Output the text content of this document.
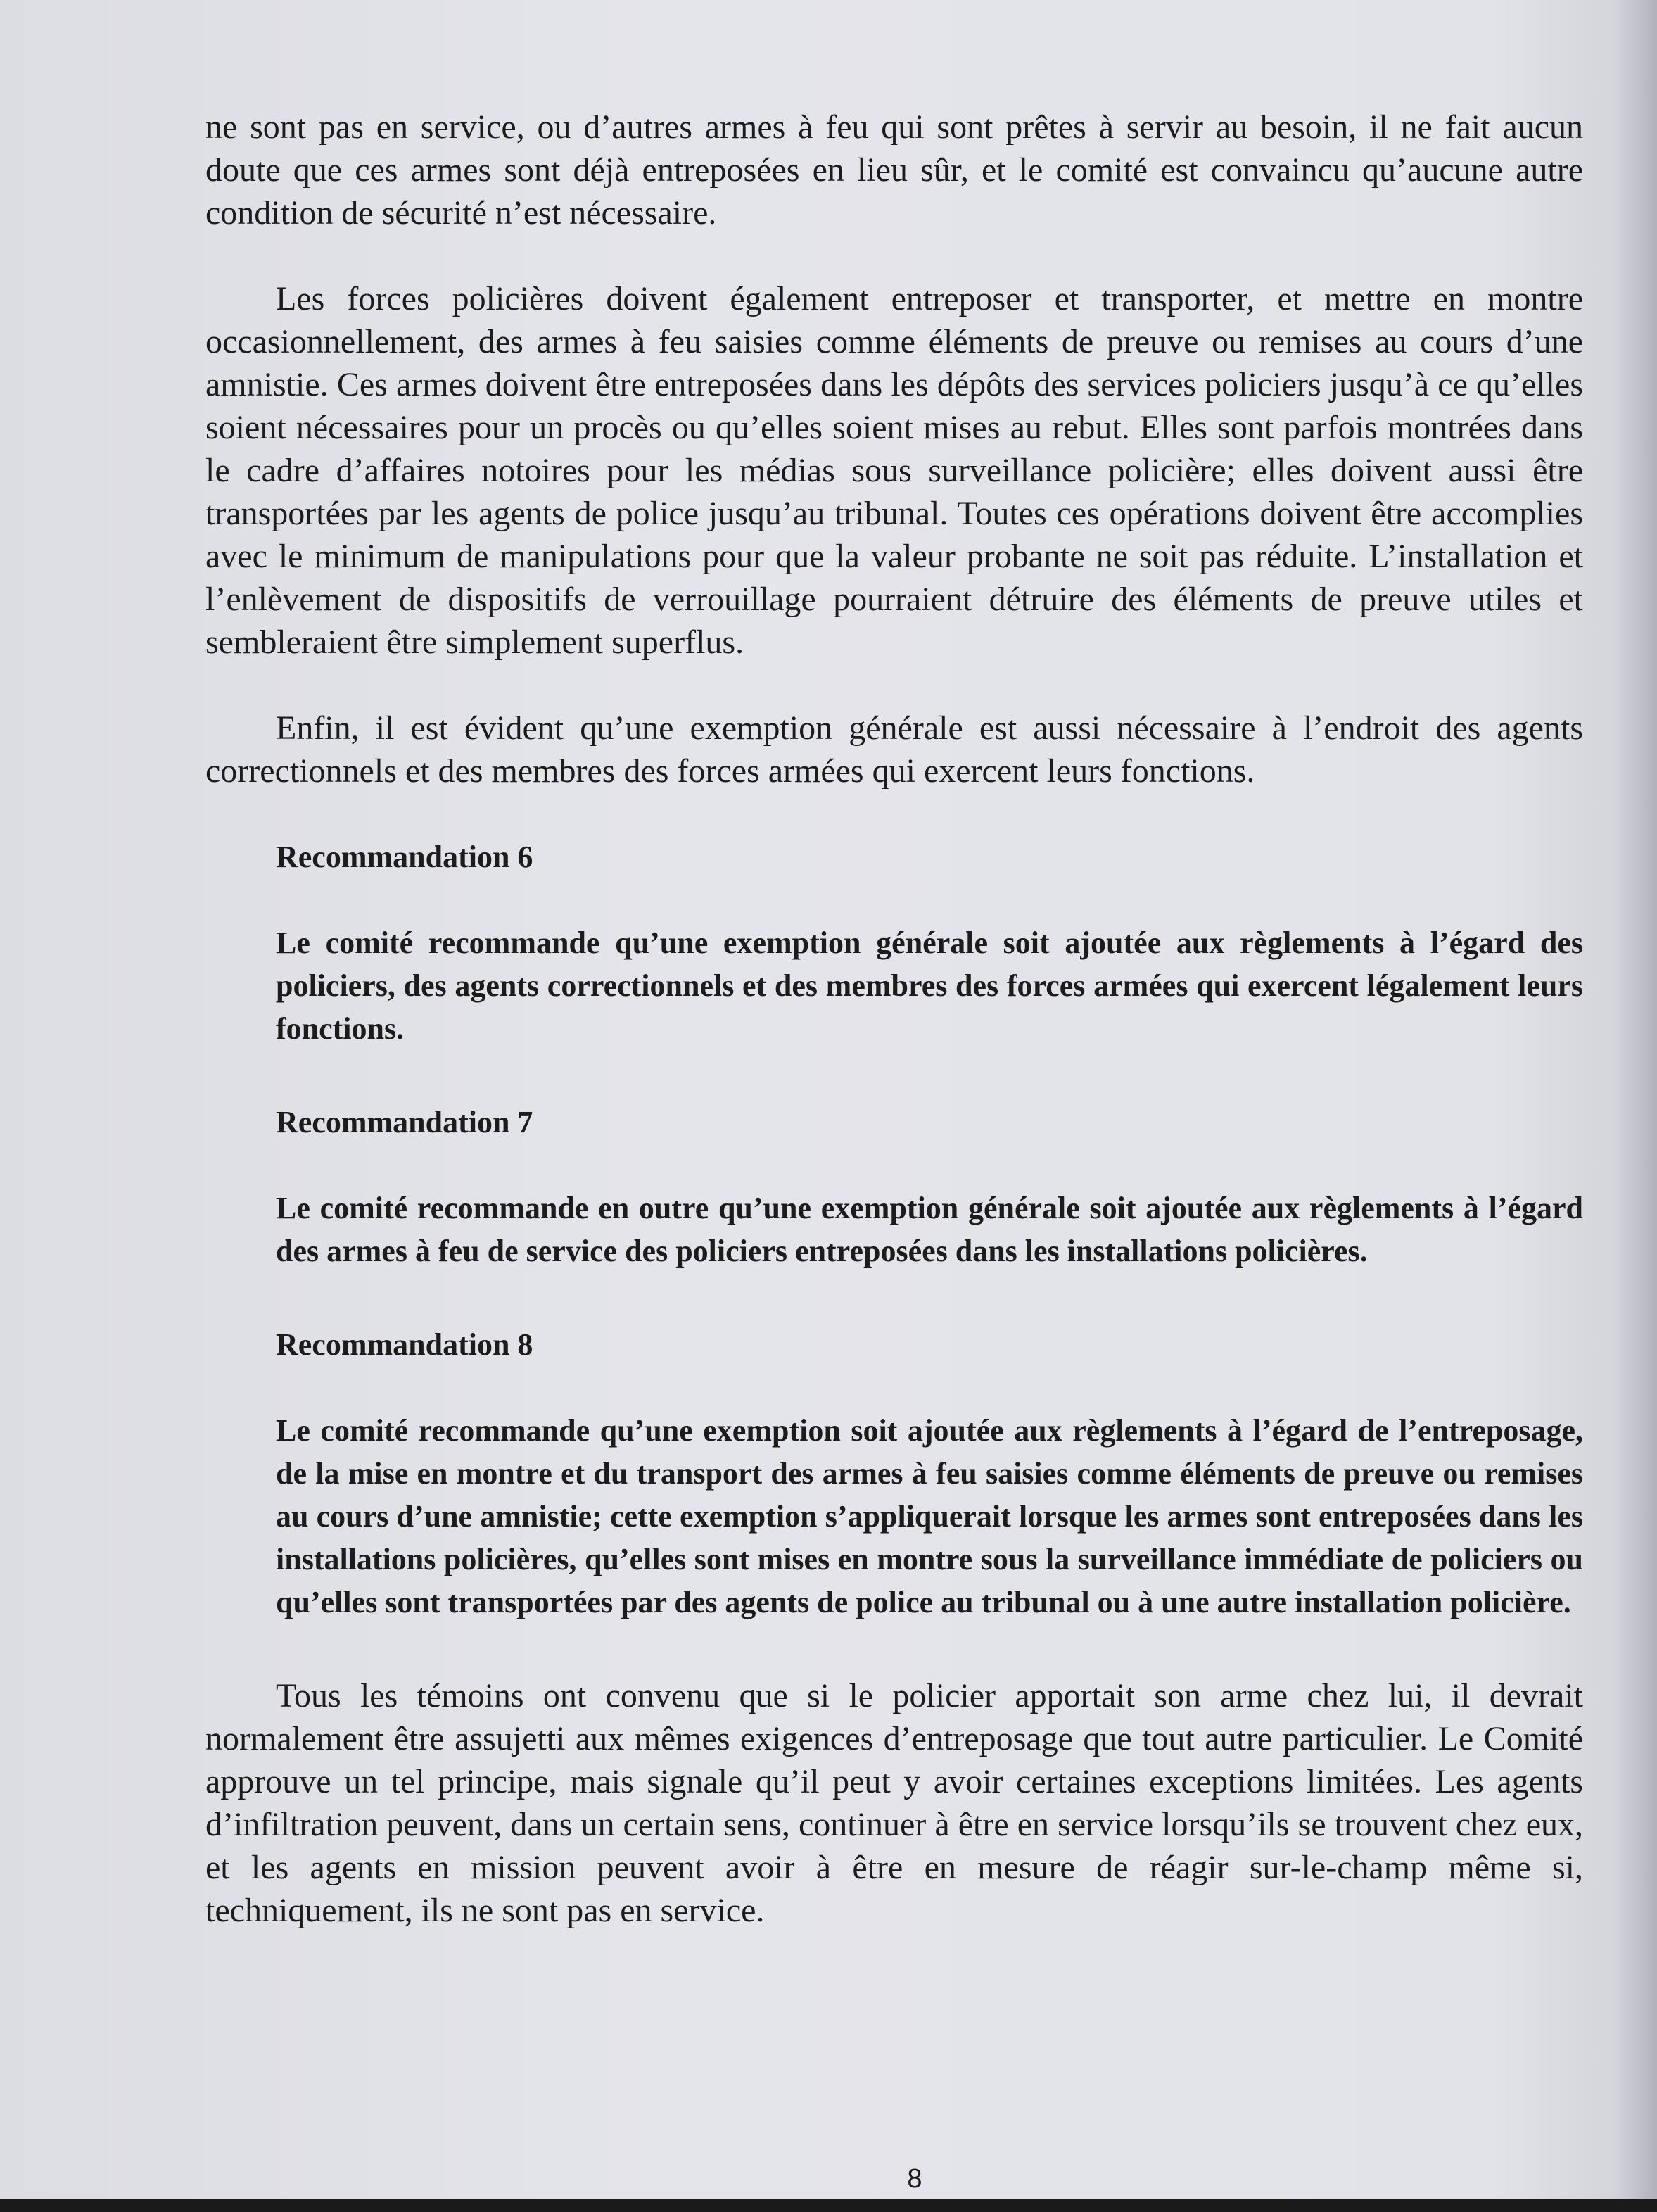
ne sont pas en service, ou d’autres armes à feu qui sont prêtes à servir au besoin, il ne fait aucun doute que ces armes sont déjà entreposées en lieu sûr, et le comité est convaincu qu’aucune autre condition de sécurité n’est nécessaire.

Les forces policières doivent également entreposer et transporter, et mettre en montre occasionnellement, des armes à feu saisies comme éléments de preuve ou remises au cours d’une amnistie. Ces armes doivent être entreposées dans les dépôts des services policiers jusqu’à ce qu’elles soient nécessaires pour un procès ou qu’elles soient mises au rebut. Elles sont parfois montrées dans le cadre d’affaires notoires pour les médias sous surveillance policière; elles doivent aussi être transportées par les agents de police jusqu’au tribunal. Toutes ces opérations doivent être accomplies avec le minimum de manipulations pour que la valeur probante ne soit pas réduite. L’installation et l’enlèvement de dispositifs de verrouillage pourraient détruire des éléments de preuve utiles et sembleraient être simplement superflus.

Enfin, il est évident qu’une exemption générale est aussi nécessaire à l’endroit des agents correctionnels et des membres des forces armées qui exercent leurs fonctions.

Recommandation 6
Le comité recommande qu’une exemption générale soit ajoutée aux règlements à l’égard des policiers, des agents correctionnels et des membres des forces armées qui exercent légalement leurs fonctions.
Recommandation 7
Le comité recommande en outre qu’une exemption générale soit ajoutée aux règlements à l’égard des armes à feu de service des policiers entreposées dans les installations policières.
Recommandation 8
Le comité recommande qu’une exemption soit ajoutée aux règlements à l’égard de l’entreposage, de la mise en montre et du transport des armes à feu saisies comme éléments de preuve ou remises au cours d’une amnistie; cette exemption s’appliquerait lorsque les armes sont entreposées dans les installations policières, qu’elles sont mises en montre sous la surveillance immédiate de policiers ou qu’elles sont transportées par des agents de police au tribunal ou à une autre installation policière.

Tous les témoins ont convenu que si le policier apportait son arme chez lui, il devrait normalement être assujetti aux mêmes exigences d’entreposage que tout autre particulier. Le Comité approuve un tel principe, mais signale qu’il peut y avoir certaines exceptions limitées. Les agents d’infiltration peuvent, dans un certain sens, continuer à être en service lorsqu’ils se trouvent chez eux, et les agents en mission peuvent avoir à être en mesure de réagir sur-le-champ même si, techniquement, ils ne sont pas en service.

8
